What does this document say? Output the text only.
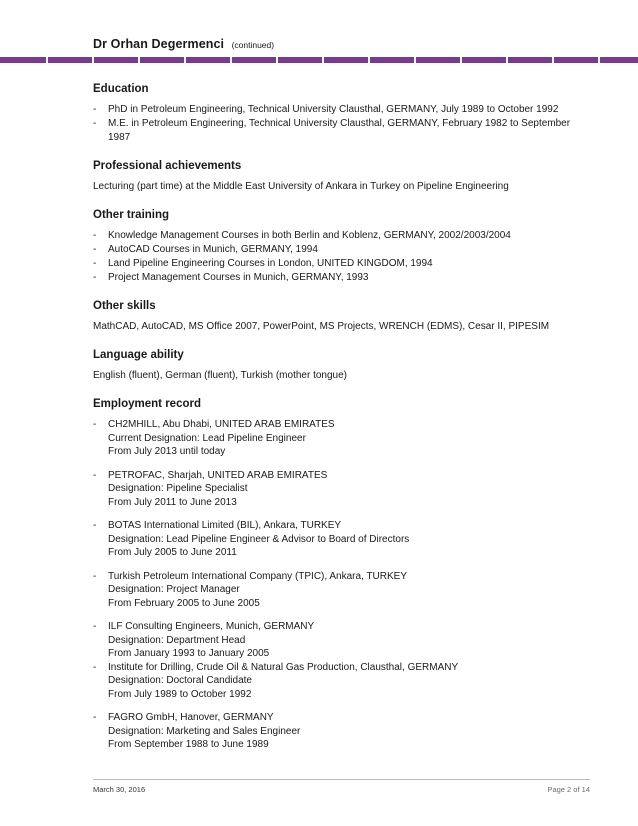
Dr Orhan Degermenci (continued)
Education
- PhD in Petroleum Engineering, Technical University Clausthal, GERMANY, July 1989 to October 1992
- M.E. in Petroleum Engineering, Technical University Clausthal, GERMANY, February 1982 to September 1987
Professional achievements
Lecturing (part time) at the Middle East University of Ankara in Turkey on Pipeline Engineering
Other training
- Knowledge Management Courses in both Berlin and Koblenz, GERMANY, 2002/2003/2004
- AutoCAD Courses in Munich, GERMANY, 1994
- Land Pipeline Engineering Courses in London, UNITED KINGDOM, 1994
- Project Management Courses in Munich, GERMANY, 1993
Other skills
MathCAD, AutoCAD, MS Office 2007, PowerPoint, MS Projects, WRENCH (EDMS), Cesar II, PIPESIM
Language ability
English (fluent), German (fluent), Turkish (mother tongue)
Employment record
- CH2MHILL, Abu Dhabi, UNITED ARAB EMIRATES
Current Designation: Lead Pipeline Engineer
From July 2013 until today
- PETROFAC, Sharjah, UNITED ARAB EMIRATES
Designation: Pipeline Specialist
From July 2011 to June 2013
- BOTAS International Limited (BIL), Ankara, TURKEY
Designation: Lead Pipeline Engineer & Advisor to Board of Directors
From July 2005 to June 2011
- Turkish Petroleum International Company (TPIC), Ankara, TURKEY
Designation: Project Manager
From February 2005 to June 2005
- ILF Consulting Engineers, Munich, GERMANY
Designation: Department Head
From January 1993 to January 2005
- Institute for Drilling, Crude Oil & Natural Gas Production, Clausthal, GERMANY
Designation: Doctoral Candidate
From July 1989 to October 1992
- FAGRO GmbH, Hanover, GERMANY
Designation: Marketing and Sales Engineer
From September 1988 to June 1989
March 30, 2016	Page 2 of 14
